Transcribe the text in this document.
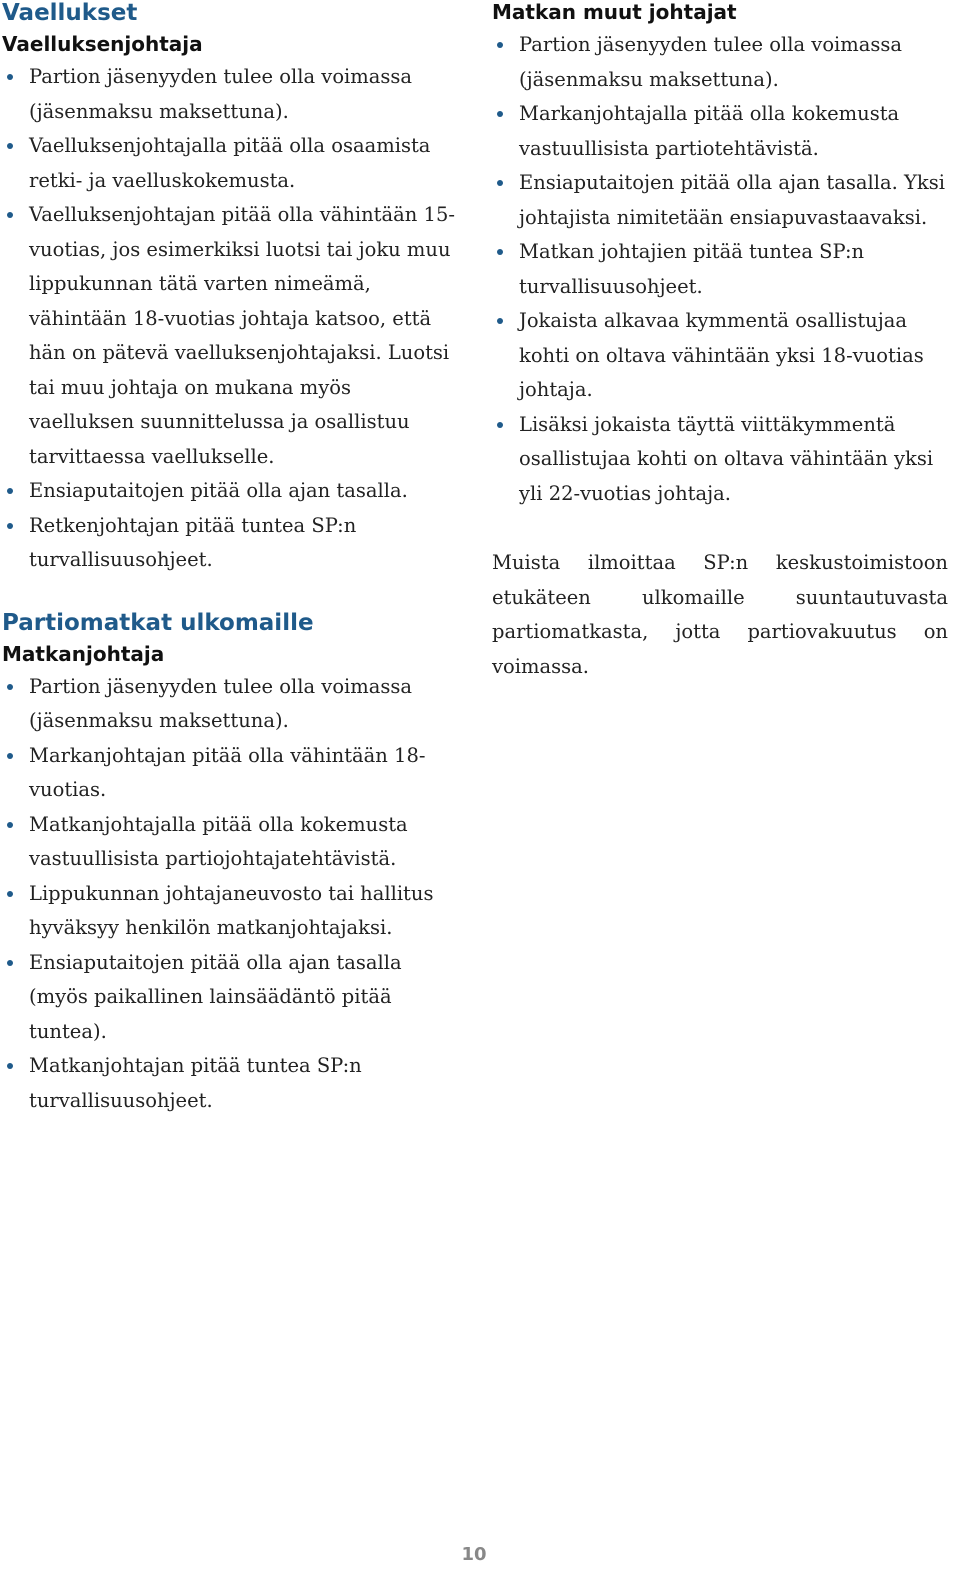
Vaellukset
Vaelluksenjohtaja
Partion jäsenyyden tulee olla voimassa (jäsenmaksu maksettuna).
Vaelluksenjohtajalla pitää olla osaamista retki- ja vaelluskokemusta.
Vaelluksenjohtajan pitää olla vähintään 15-vuotias, jos esimerkiksi luotsi tai joku muu lippukunnan tätä varten nimeämä, vähintään 18-vuotias johtaja katsoo, että hän on pätevä vaelluksenjohtajaksi. Luotsi tai muu johtaja on mukana myös vaelluksen suunnittelussa ja osallistuu tarvittaessa vaellukselle.
Ensiaputaitojen pitää olla ajan tasalla.
Retkenjohtajan pitää tuntea SP:n turvallisuusohjeet.
Partiomatkat ulkomaille
Matkanjohtaja
Partion jäsenyyden tulee olla voimassa (jäsenmaksu maksettuna).
Markanjohtajan pitää olla vähintään 18-vuotias.
Matkanjohtajalla pitää olla kokemusta vastuullisista partiojohtajatehtävistä.
Lippukunnan johtajaneuvosto tai hallitus hyväksyy henkilön matkanjohtajaksi.
Ensiaputaitojen pitää olla ajan tasalla (myös paikallinen lainsäädäntö pitää tuntea).
Matkanjohtajan pitää tuntea SP:n turvallisuusohjeet.
Matkan muut johtajat
Partion jäsenyyden tulee olla voimassa (jäsenmaksu maksettuna).
Markanjohtajalla pitää olla kokemusta vastuullisista partiotehtävistä.
Ensiaputaitojen pitää olla ajan tasalla. Yksi johtajista nimitetään ensiapuvastaavaksi.
Matkan johtajien pitää tuntea SP:n turvallisuusohjeet.
Jokaista alkavaa kymmentä osallistujaa kohti on oltava vähintään yksi 18-vuotias johtaja.
Lisäksi jokaista täyttä viittäkymmentä osallistujaa kohti on oltava vähintään yksi yli 22-vuotias johtaja.

Muista ilmoittaa SP:n keskustoimistoon etukäteen ulkomaille suuntautuvasta partiomatkasta, jotta partiovakuutus on voimassa.

10
